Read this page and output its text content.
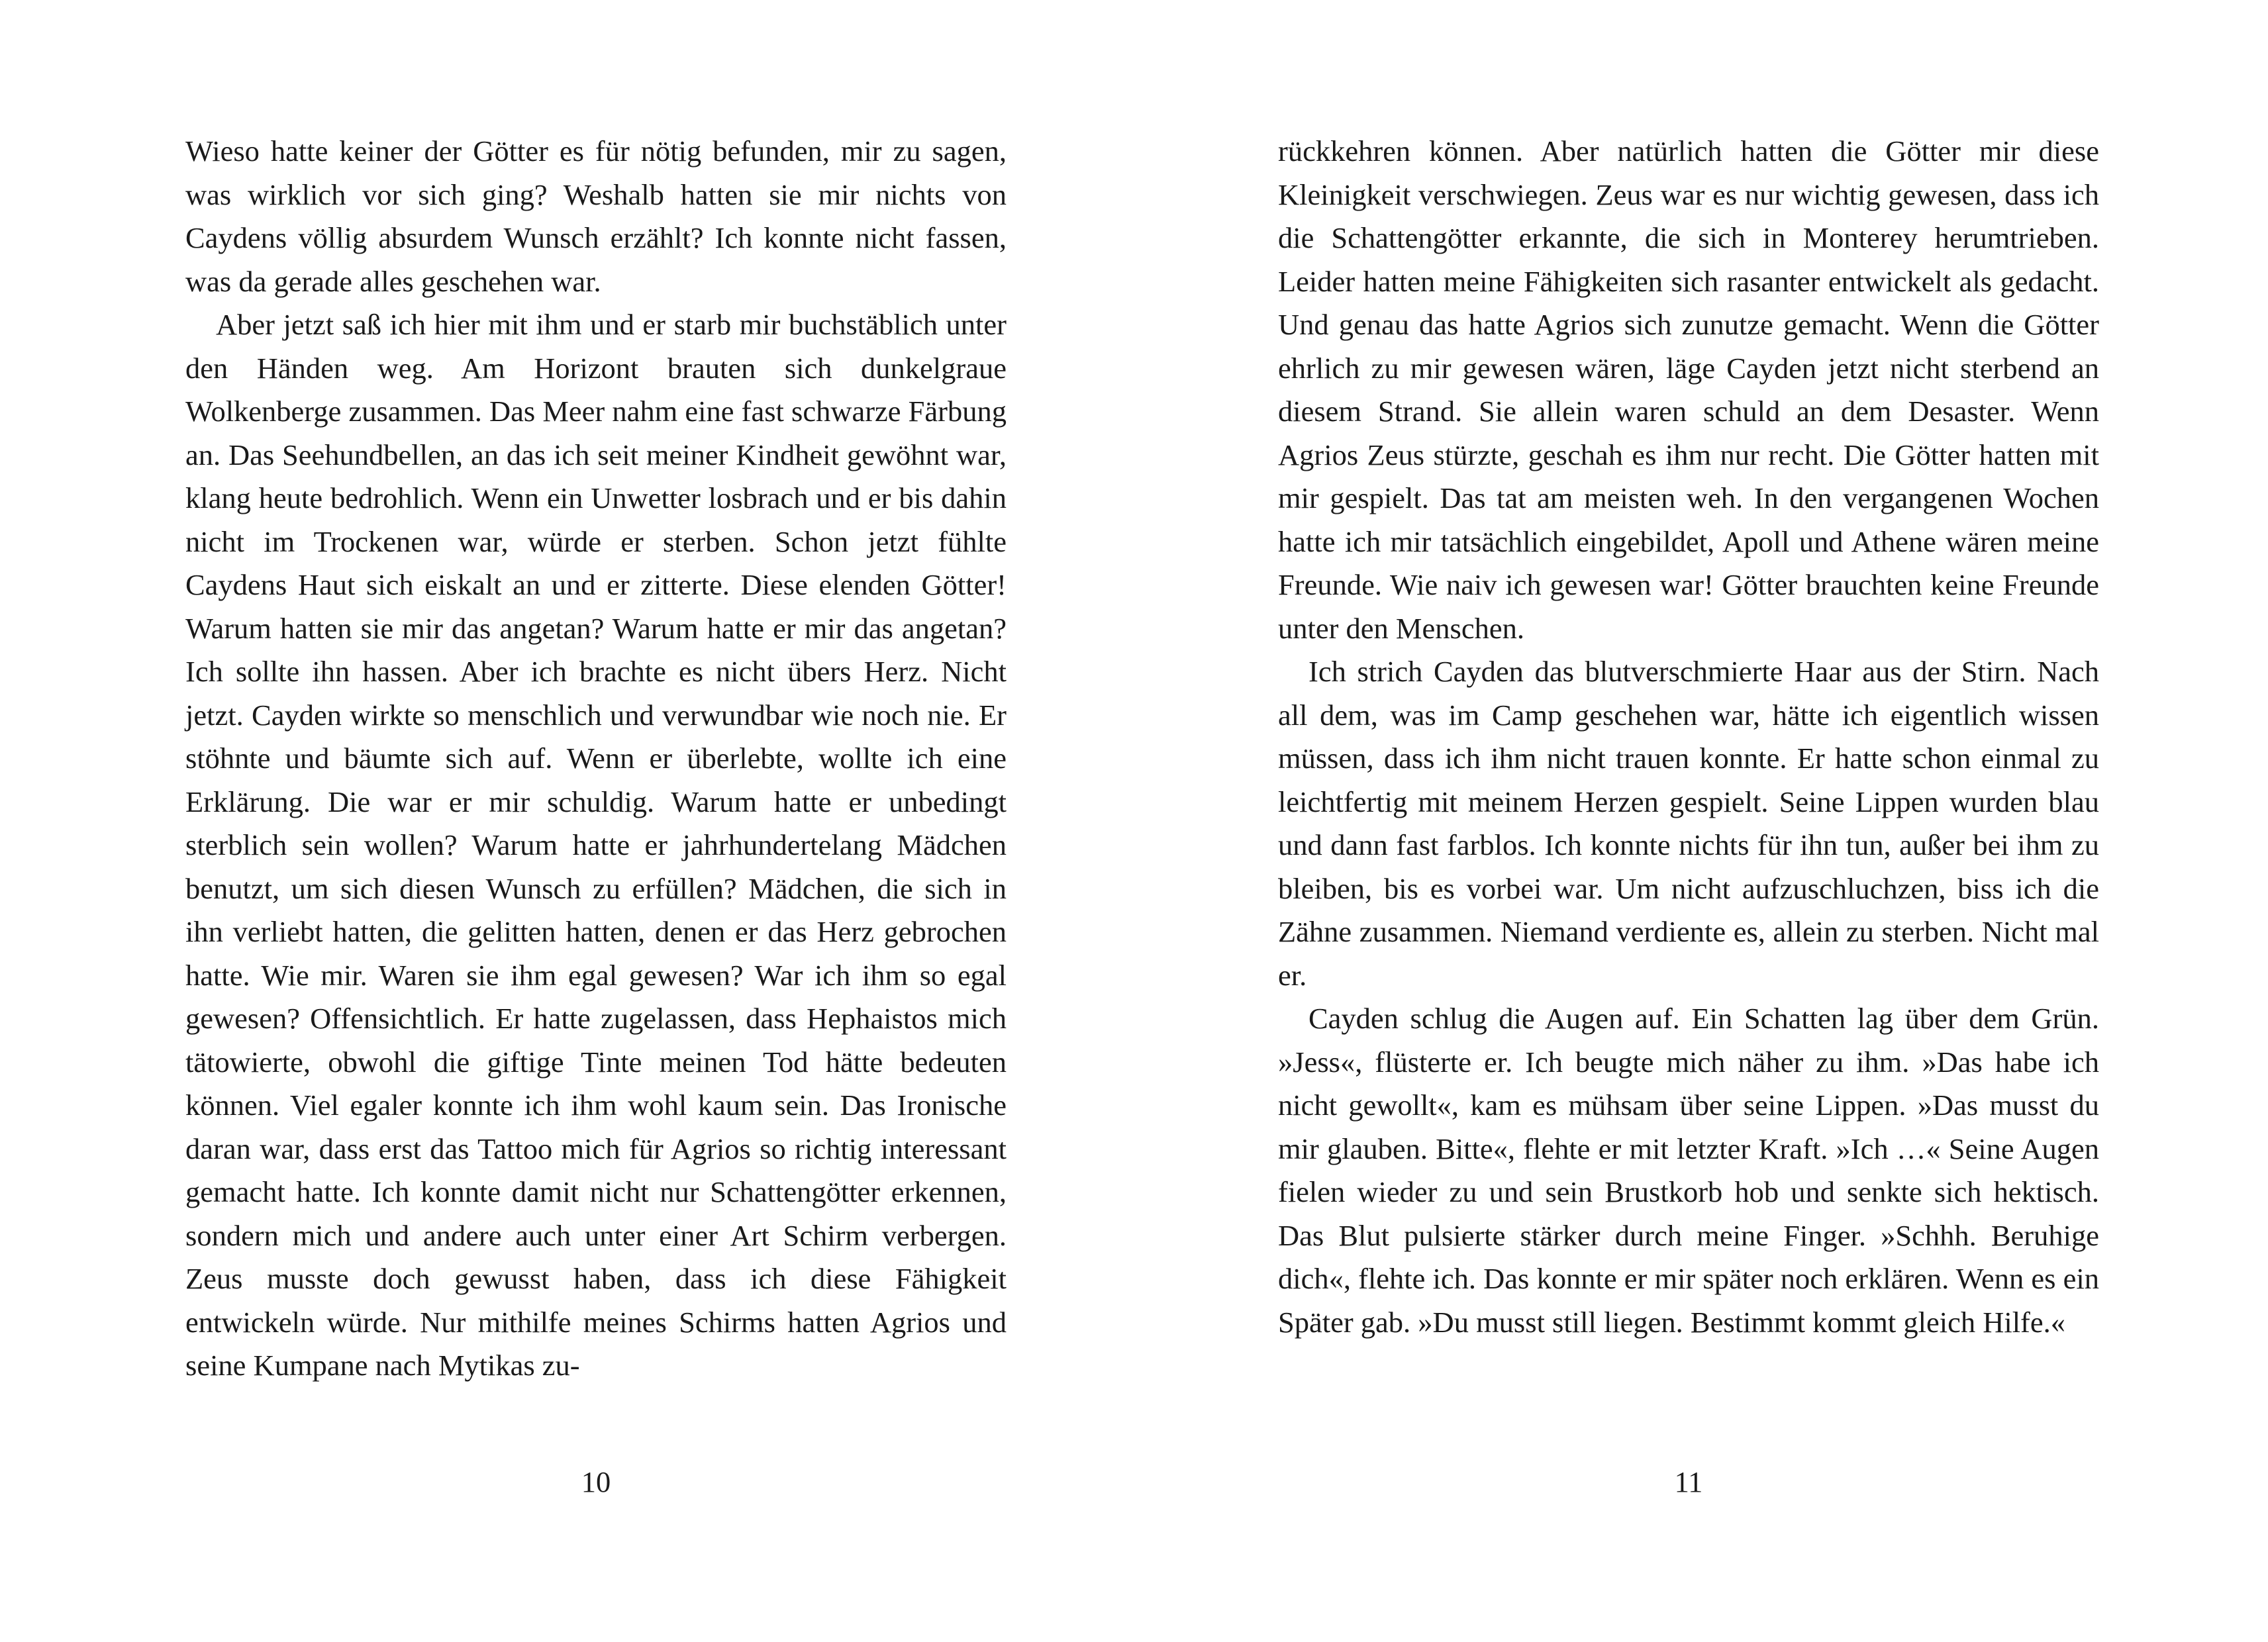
Wieso hatte keiner der Götter es für nötig befunden, mir zu sagen, was wirklich vor sich ging? Weshalb hatten sie mir nichts von Caydens völlig absurdem Wunsch erzählt? Ich konnte nicht fassen, was da gerade alles geschehen war.

Aber jetzt saß ich hier mit ihm und er starb mir buchstäblich unter den Händen weg. Am Horizont brauten sich dunkelgraue Wolkenberge zusammen. Das Meer nahm eine fast schwarze Färbung an. Das Seehundbellen, an das ich seit meiner Kindheit gewöhnt war, klang heute bedrohlich. Wenn ein Unwetter losbrach und er bis dahin nicht im Trockenen war, würde er sterben. Schon jetzt fühlte Caydens Haut sich eiskalt an und er zitterte. Diese elenden Götter! Warum hatten sie mir das angetan? Warum hatte er mir das angetan? Ich sollte ihn hassen. Aber ich brachte es nicht übers Herz. Nicht jetzt. Cayden wirkte so menschlich und verwundbar wie noch nie. Er stöhnte und bäumte sich auf. Wenn er überlebte, wollte ich eine Erklärung. Die war er mir schuldig. Warum hatte er unbedingt sterblich sein wollen? Warum hatte er jahrhundertelang Mädchen benutzt, um sich diesen Wunsch zu erfüllen? Mädchen, die sich in ihn verliebt hatten, die gelitten hatten, denen er das Herz gebrochen hatte. Wie mir. Waren sie ihm egal gewesen? War ich ihm so egal gewesen? Offensichtlich. Er hatte zugelassen, dass Hephaistos mich tätowierte, obwohl die giftige Tinte meinen Tod hätte bedeuten können. Viel egaler konnte ich ihm wohl kaum sein. Das Ironische daran war, dass erst das Tattoo mich für Agrios so richtig interessant gemacht hatte. Ich konnte damit nicht nur Schattengötter erkennen, sondern mich und andere auch unter einer Art Schirm verbergen. Zeus musste doch gewusst haben, dass ich diese Fähigkeit entwickeln würde. Nur mithilfe meines Schirms hatten Agrios und seine Kumpane nach Mytikas zu-

10

rückkehren können. Aber natürlich hatten die Götter mir diese Kleinigkeit verschwiegen. Zeus war es nur wichtig gewesen, dass ich die Schattengötter erkannte, die sich in Monterey herumtrieben. Leider hatten meine Fähigkeiten sich rasanter entwickelt als gedacht. Und genau das hatte Agrios sich zunutze gemacht. Wenn die Götter ehrlich zu mir gewesen wären, läge Cayden jetzt nicht sterbend an diesem Strand. Sie allein waren schuld an dem Desaster. Wenn Agrios Zeus stürzte, geschah es ihm nur recht. Die Götter hatten mit mir gespielt. Das tat am meisten weh. In den vergangenen Wochen hatte ich mir tatsächlich eingebildet, Apoll und Athene wären meine Freunde. Wie naiv ich gewesen war! Götter brauchten keine Freunde unter den Menschen.

Ich strich Cayden das blutverschmierte Haar aus der Stirn. Nach all dem, was im Camp geschehen war, hätte ich eigentlich wissen müssen, dass ich ihm nicht trauen konnte. Er hatte schon einmal zu leichtfertig mit meinem Herzen gespielt. Seine Lippen wurden blau und dann fast farblos. Ich konnte nichts für ihn tun, außer bei ihm zu bleiben, bis es vorbei war. Um nicht aufzuschluchzen, biss ich die Zähne zusammen. Niemand verdiente es, allein zu sterben. Nicht mal er.

Cayden schlug die Augen auf. Ein Schatten lag über dem Grün. »Jess«, flüsterte er. Ich beugte mich näher zu ihm. »Das habe ich nicht gewollt«, kam es mühsam über seine Lippen. »Das musst du mir glauben. Bitte«, flehte er mit letzter Kraft. »Ich …« Seine Augen fielen wieder zu und sein Brustkorb hob und senkte sich hektisch. Das Blut pulsierte stärker durch meine Finger. »Schhh. Beruhige dich«, flehte ich. Das konnte er mir später noch erklären. Wenn es ein Später gab. »Du musst still liegen. Bestimmt kommt gleich Hilfe.«

11
